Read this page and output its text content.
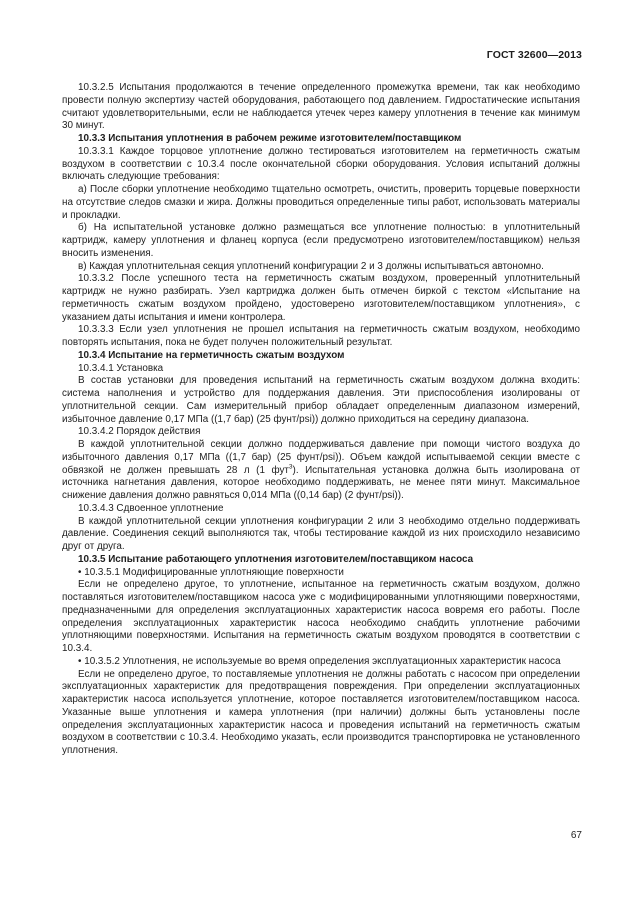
ГОСТ 32600—2013

10.3.2.5 Испытания продолжаются в течение определенного промежутка времени, так как необходимо провести полную экспертизу частей оборудования, работающего под давлением. Гидростатические испытания считают удовлетворительными, если не наблюдается утечек через камеру уплотнения в течение как минимум 30 минут.

10.3.3 Испытания уплотнения в рабочем режиме изготовителем/поставщиком

10.3.3.1 Каждое торцовое уплотнение должно тестироваться изготовителем на герметичность сжатым воздухом в соответствии с 10.3.4 после окончательной сборки оборудования. Условия испытаний должны включать следующие требования:

а) После сборки уплотнение необходимо тщательно осмотреть, очистить, проверить торцевые поверхности на отсутствие следов смазки и жира. Должны проводиться определенные типы работ, использовать материалы и прокладки.

б) На испытательной установке должно размещаться все уплотнение полностью: в уплотнительный картридж, камеру уплотнения и фланец корпуса (если предусмотрено изготовителем/поставщиком) нельзя вносить изменения.

в) Каждая уплотнительная секция уплотнений конфигурации 2 и 3 должны испытываться автономно.

10.3.3.2 После успешного теста на герметичность сжатым воздухом, проверенный уплотнительный картридж не нужно разбирать. Узел картриджа должен быть отмечен биркой с текстом «Испытание на герметичность сжатым воздухом пройдено, удостоверено изготовителем/поставщиком уплотнения», с указанием даты испытания и имени контролера.

10.3.3.3 Если узел уплотнения не прошел испытания на герметичность сжатым воздухом, необходимо повторять испытания, пока не будет получен положительный результат.

10.3.4 Испытание на герметичность сжатым воздухом

10.3.4.1 Установка

В состав установки для проведения испытаний на герметичность сжатым воздухом должна входить: система наполнения и устройство для поддержания давления. Эти приспособления изолированы от уплотнительной секции. Сам измерительный прибор обладает определенным диапазоном измерений, избыточное давление 0,17 МПа ((1,7 бар) (25 фунт/psi)) должно приходиться на середину диапазона.

10.3.4.2 Порядок действия

В каждой уплотнительной секции должно поддерживаться давление при помощи чистого воздуха до избыточного давления 0,17 МПа ((1,7 бар) (25 фунт/psi)). Объем каждой испытываемой секции вместе с обвязкой не должен превышать 28 л (1 фут$^3$). Испытательная установка должна быть изолирована от источника нагнетания давления, которое необходимо поддерживать, не менее пяти минут. Максимальное снижение давления должно равняться 0,014 МПа ((0,14 бар) (2 фунт/psi)).

10.3.4.3 Сдвоенное уплотнение

В каждой уплотнительной секции уплотнения конфигурации 2 или 3 необходимо отдельно поддерживать давление. Соединения секций выполняются так, чтобы тестирование каждой из них происходило независимо друг от друга.

10.3.5 Испытание работающего уплотнения изготовителем/поставщиком насоса

• 10.3.5.1 Модифицированные уплотняющие поверхности

Если не определено другое, то уплотнение, испытанное на герметичность сжатым воздухом, должно поставляться изготовителем/поставщиком насоса уже с модифицированными уплотняющими поверхностями, предназначенными для определения эксплуатационных характеристик насоса вовремя его работы. После определения эксплуатационных характеристик насоса необходимо снабдить уплотнение рабочими уплотняющими поверхностями. Испытания на герметичность сжатым воздухом проводятся в соответствии с 10.3.4.

• 10.3.5.2 Уплотнения, не используемые во время определения эксплуатационных характеристик насоса

Если не определено другое, то поставляемые уплотнения не должны работать с насосом при определении эксплуатационных характеристик для предотвращения повреждения. При определении эксплуатационных характеристик насоса используется уплотнение, которое поставляется изготовителем/поставщиком насоса. Указанные выше уплотнения и камера уплотнения (при наличии) должны быть установлены после определения эксплуатационных характеристик насоса и проведения испытаний на герметичность сжатым воздухом в соответствии с 10.3.4. Необходимо указать, если производится транспортировка не установленного уплотнения.

67
